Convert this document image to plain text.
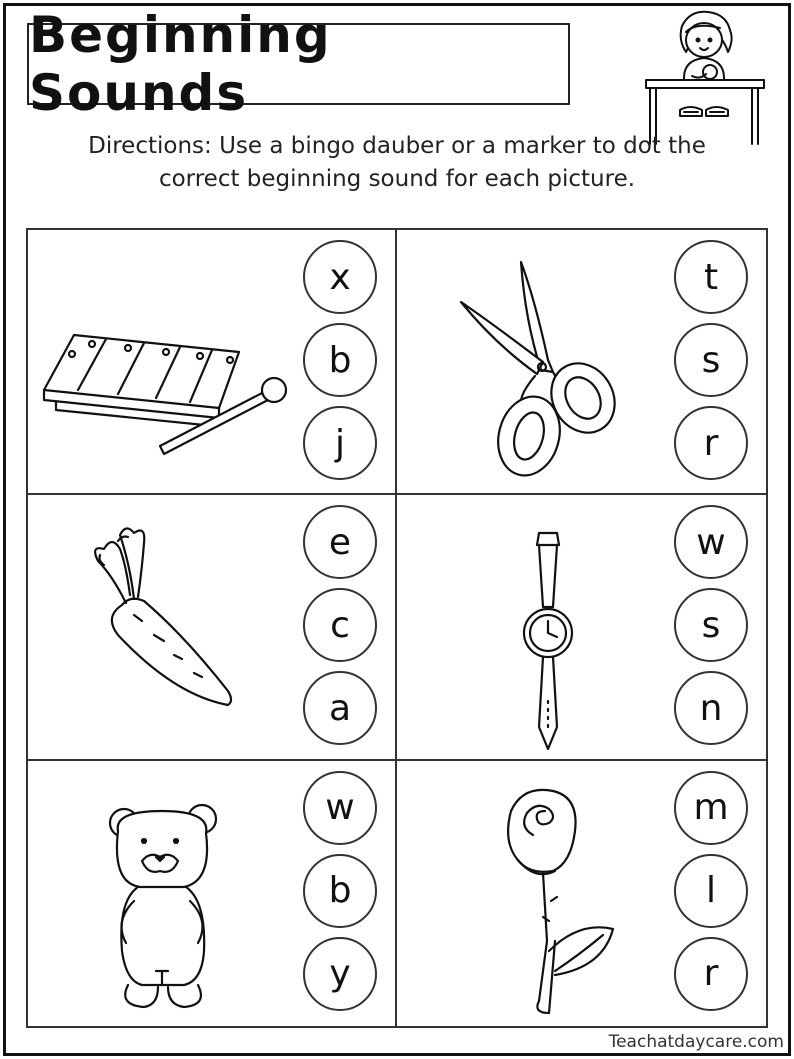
Beginning Sounds
Directions: Use a bingo dauber or a marker to dot the
correct beginning sound for each picture.
x
b
j
t
s
r
e
c
a
w
s
n
w
b
y
m
l
r
Teachatdaycare.com
